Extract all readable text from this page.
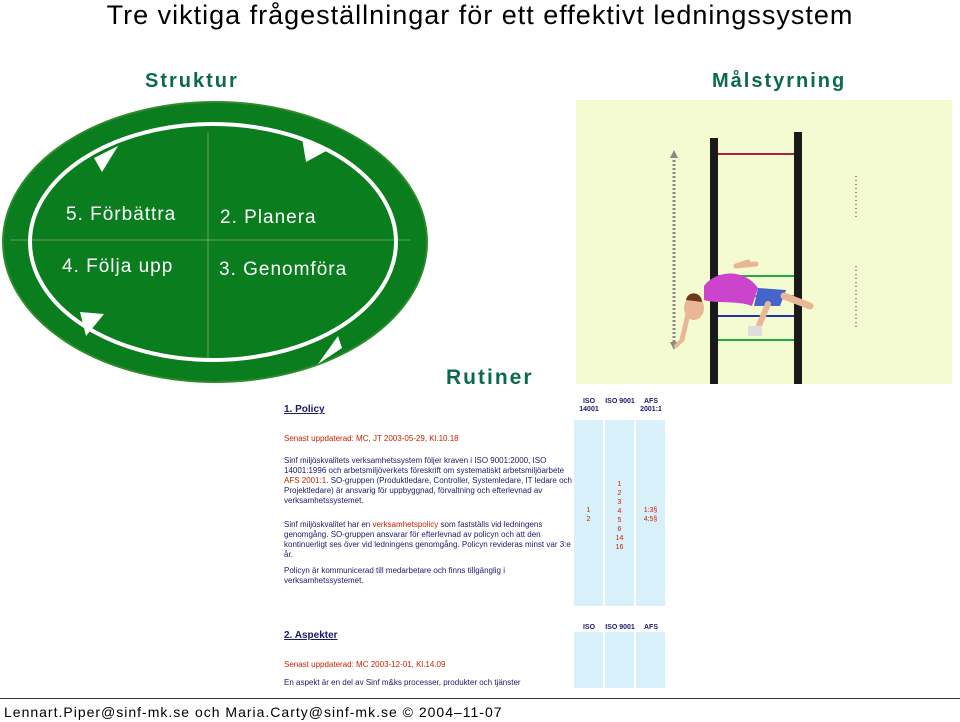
Tre viktiga frågeställningar för ett effektivt ledningssystem
Struktur
5. Förbättra 2. Planera
4. Följa upp 3. Genomföra
Målstyrning
Rutiner
1. Policy
Senast uppdaterad: MC, JT 2003-05-29, Kl.10.18
Sinf miljöskvalitets verksamhetssystem följer kraven i ISO 9001:2000, ISO 14001:1996 och arbetsmiljöverkets föreskrift om systematiskt arbetsmiljöarbete AFS 2001:1. SO-gruppen (Produktledare, Controller, Systemledare, IT ledare och Projektledare) är ansvarig för uppbyggnad, förvaltning och efterlevnad av verksamhetssystemet.
Sinf miljöskvalitet har en verksamhetspolicy som fastställs vid ledningens genomgång. SO-gruppen ansvarar för efterlevnad av policyn och att den kontinuerligt ses över vid ledningens genomgång. Policyn revideras minst var 3:e år.
Policyn är kommunicerad till medarbetare och finns tillgänglig i verksamhetssystemet.
2. Aspekter
Senast uppdaterad: MC 2003-12-01, Kl.14.09
En aspekt är en del av Sinf m&ks processer, produkter och tjänster
ISO 14001
1
2
ISO
ISO 9001
1
2
3
4
5
6
14
16
ISO 9001
AFS 2001:1
1:3§
4:5§
AFS
Lennart.Piper@sinf-mk.se och Maria.Carty@sinf-mk.se © 2004–11‑07
